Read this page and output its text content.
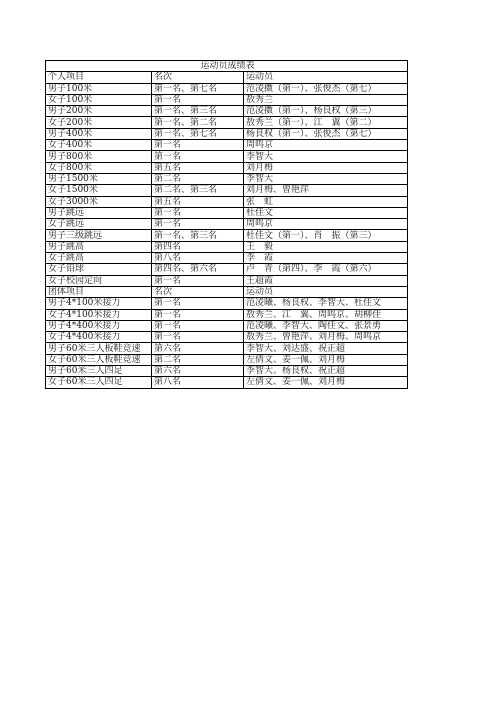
运动员成绩表		
个人项目	名次	运动员
男子100米	第一名、第七名	范凌擞（第一）、张俊杰（第七）
女子100米	第一名	敖秀兰
男子200米	第一名、第三名	范凌擞（第一）、杨良权（第三）
女子200米	第一名、第二名	敖秀兰（第一）、江　翼（第二）
男子400米	第一名、第七名	杨良权（第一）、张俊杰（第七）
女子400米	第一名	周鸣京
男子800米	第一名	李智大
女子800米	第五名	刘月梅
男子1500米	第二名	李智大
女子1500米	第二名、第三名	刘月梅、曾艳萍
女子3000米	第五名	张　虹
男子跳远	第一名	杜佳文
女子跳远	第一名	周鸣京
男子三级跳远	第一名、第三名	杜佳文（第一）、肖　振（第三）
男子跳高	第四名	王　毅
女子跳高	第八名	李　霞
女子铅球	第四名、第六名	卢　青（第四）、李　霞（第六）
女子校园定向	第一名	王超霞
团体项目	名次	运动员
男子4*100米接力	第一名	范凌曦、杨良权、李智大、杜佳文
女子4*100米接力	第一名	敖秀兰、江　翼、周鸣京、胡柳佳
男子4*400米接力	第一名	范凌曦、李智大、陶佳文、张景勇
女子4*400米接力	第一名	敖秀兰、曾艳萍、刘月梅、周鸣京
男子60米三人板鞋竞速	第六名	李智大、刘达盛、祝正超
女子60米三人板鞋竞速	第二名	左倩文、姜一佩、刘月梅
男子60米三人四足	第六名	李智大、杨良权、祝正超
女子60米三人四足	第八名	左倩文、姜一佩、刘月梅
